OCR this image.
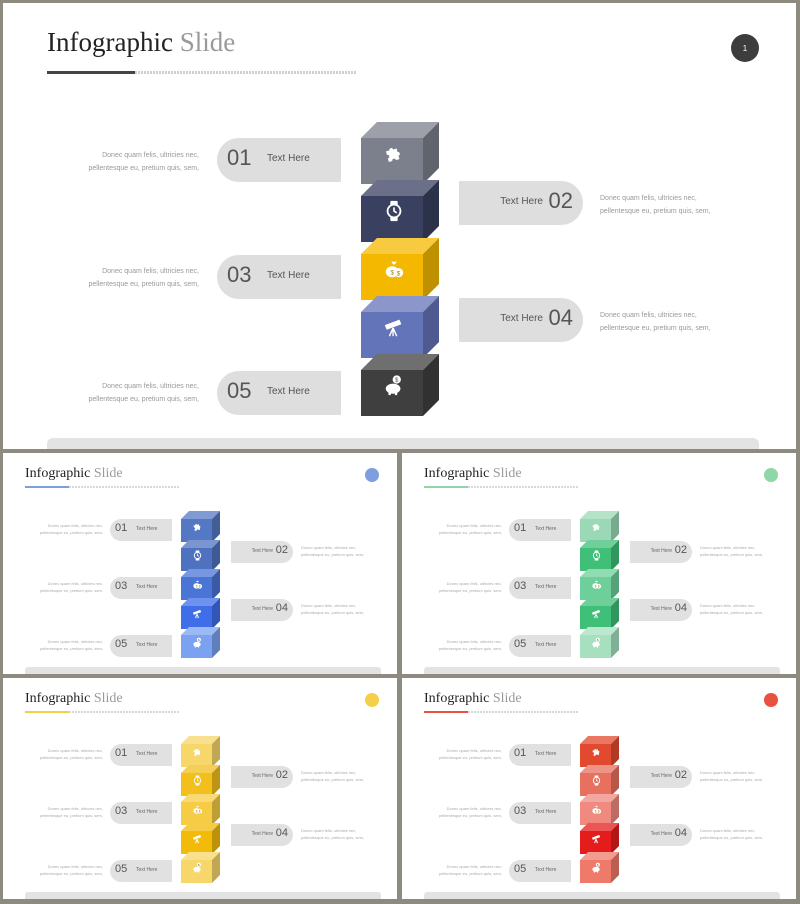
Infographic Slide	1
Donec quam felis, ultricies nec,
pellentesque eu, pretium quis, sem,
Donec quam felis, ultricies nec,
pellentesque eu, pretium quis, sem,
Donec quam felis, ultricies nec,
pellentesque eu, pretium quis, sem,
Donec quam felis, ultricies nec,
pellentesque eu, pretium quis, sem,
Donec quam felis, ultricies nec,
pellentesque eu, pretium quis, sem,
01 Text Here
02
Text Here
03 Text Here
04
Text Here
05 Text Here
$ $
$
Infographic Slide
01 Text Here
Donec quam felis, ultricies nec,
pellentesque eu, pretium quis, sem,
02
Text Here
Donec quam felis, ultricies nec,
pellentesque eu, pretium quis, sem,
03 Text Here
Donec quam felis, ultricies nec,
pellentesque eu, pretium quis, sem,
04
Text Here
Donec quam felis, ultricies nec,
pellentesque eu, pretium quis, sem,
05 Text Here
Donec quam felis, ultricies nec,
pellentesque eu, pretium quis, sem,
$ $
$
Infographic Slide
01 Text Here
Donec quam felis, ultricies nec,
pellentesque eu, pretium quis, sem,
02
Text Here
Donec quam felis, ultricies nec,
pellentesque eu, pretium quis, sem,
03 Text Here
Donec quam felis, ultricies nec,
pellentesque eu, pretium quis, sem,
04
Text Here
Donec quam felis, ultricies nec,
pellentesque eu, pretium quis, sem,
05 Text Here
Donec quam felis, ultricies nec,
pellentesque eu, pretium quis, sem,
$ $
$
Infographic Slide
01 Text Here
Donec quam felis, ultricies nec,
pellentesque eu, pretium quis, sem,
02
Text Here
Donec quam felis, ultricies nec,
pellentesque eu, pretium quis, sem,
03 Text Here
Donec quam felis, ultricies nec,
pellentesque eu, pretium quis, sem,
04
Text Here
Donec quam felis, ultricies nec,
pellentesque eu, pretium quis, sem,
05 Text Here
Donec quam felis, ultricies nec,
pellentesque eu, pretium quis, sem,
$ $
$
Infographic Slide
01 Text Here
Donec quam felis, ultricies nec,
pellentesque eu, pretium quis, sem,
02
Text Here
Donec quam felis, ultricies nec,
pellentesque eu, pretium quis, sem,
03 Text Here
Donec quam felis, ultricies nec,
pellentesque eu, pretium quis, sem,
04
Text Here
Donec quam felis, ultricies nec,
pellentesque eu, pretium quis, sem,
05 Text Here
Donec quam felis, ultricies nec,
pellentesque eu, pretium quis, sem,
$ $
$
